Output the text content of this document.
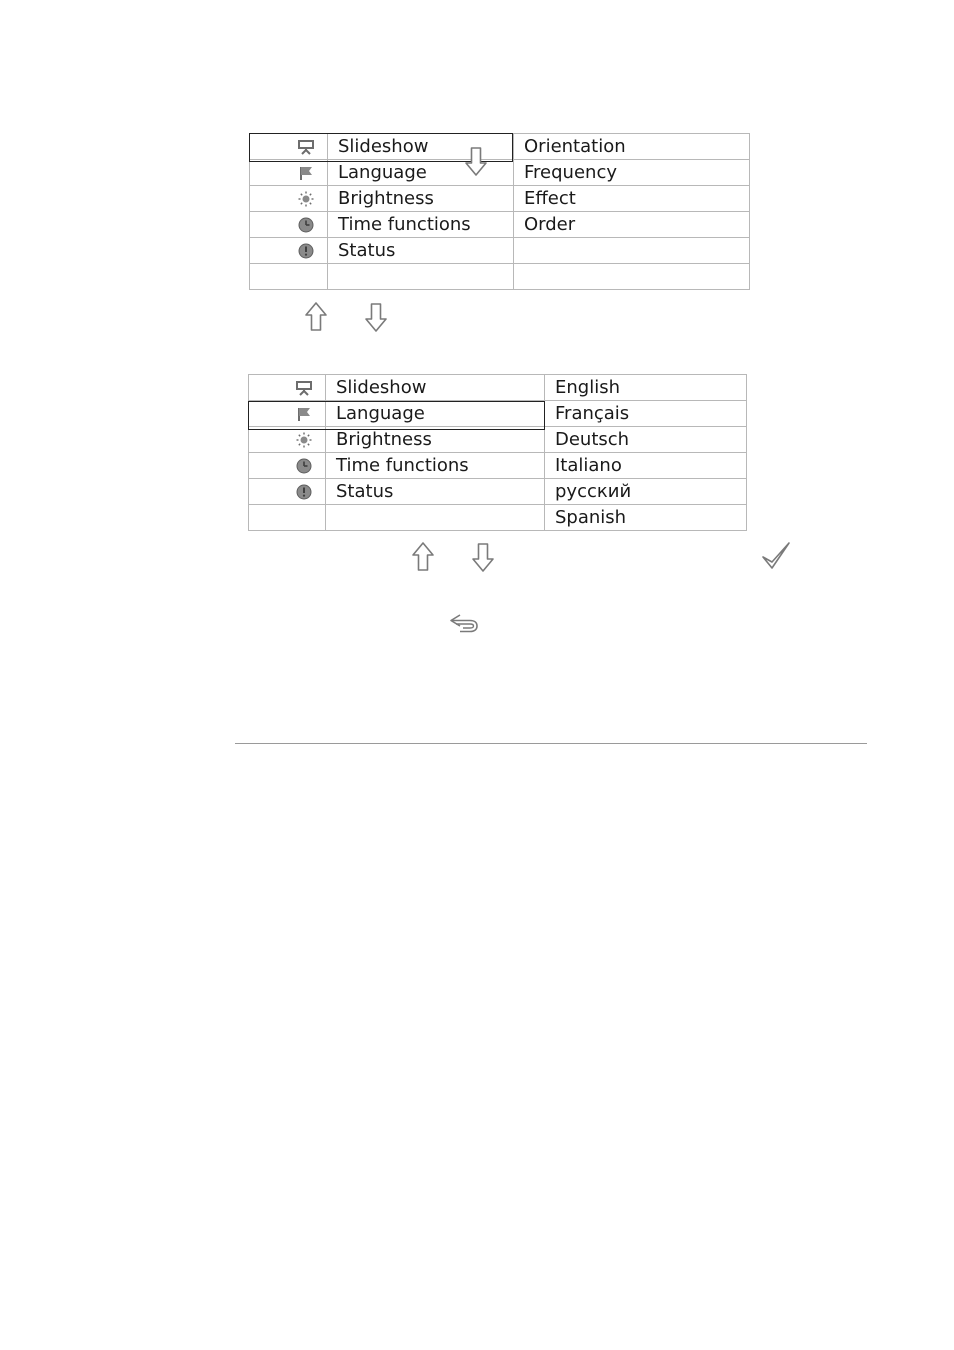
	Slideshow	Orientation
	Language	Frequency
	Brightness	Effect
	Time functions	Order
	Status	

	Slideshow	English
	Language	Français
	Brightness	Deutsch
	Time functions	Italiano
	Status	русский
		Spanish
